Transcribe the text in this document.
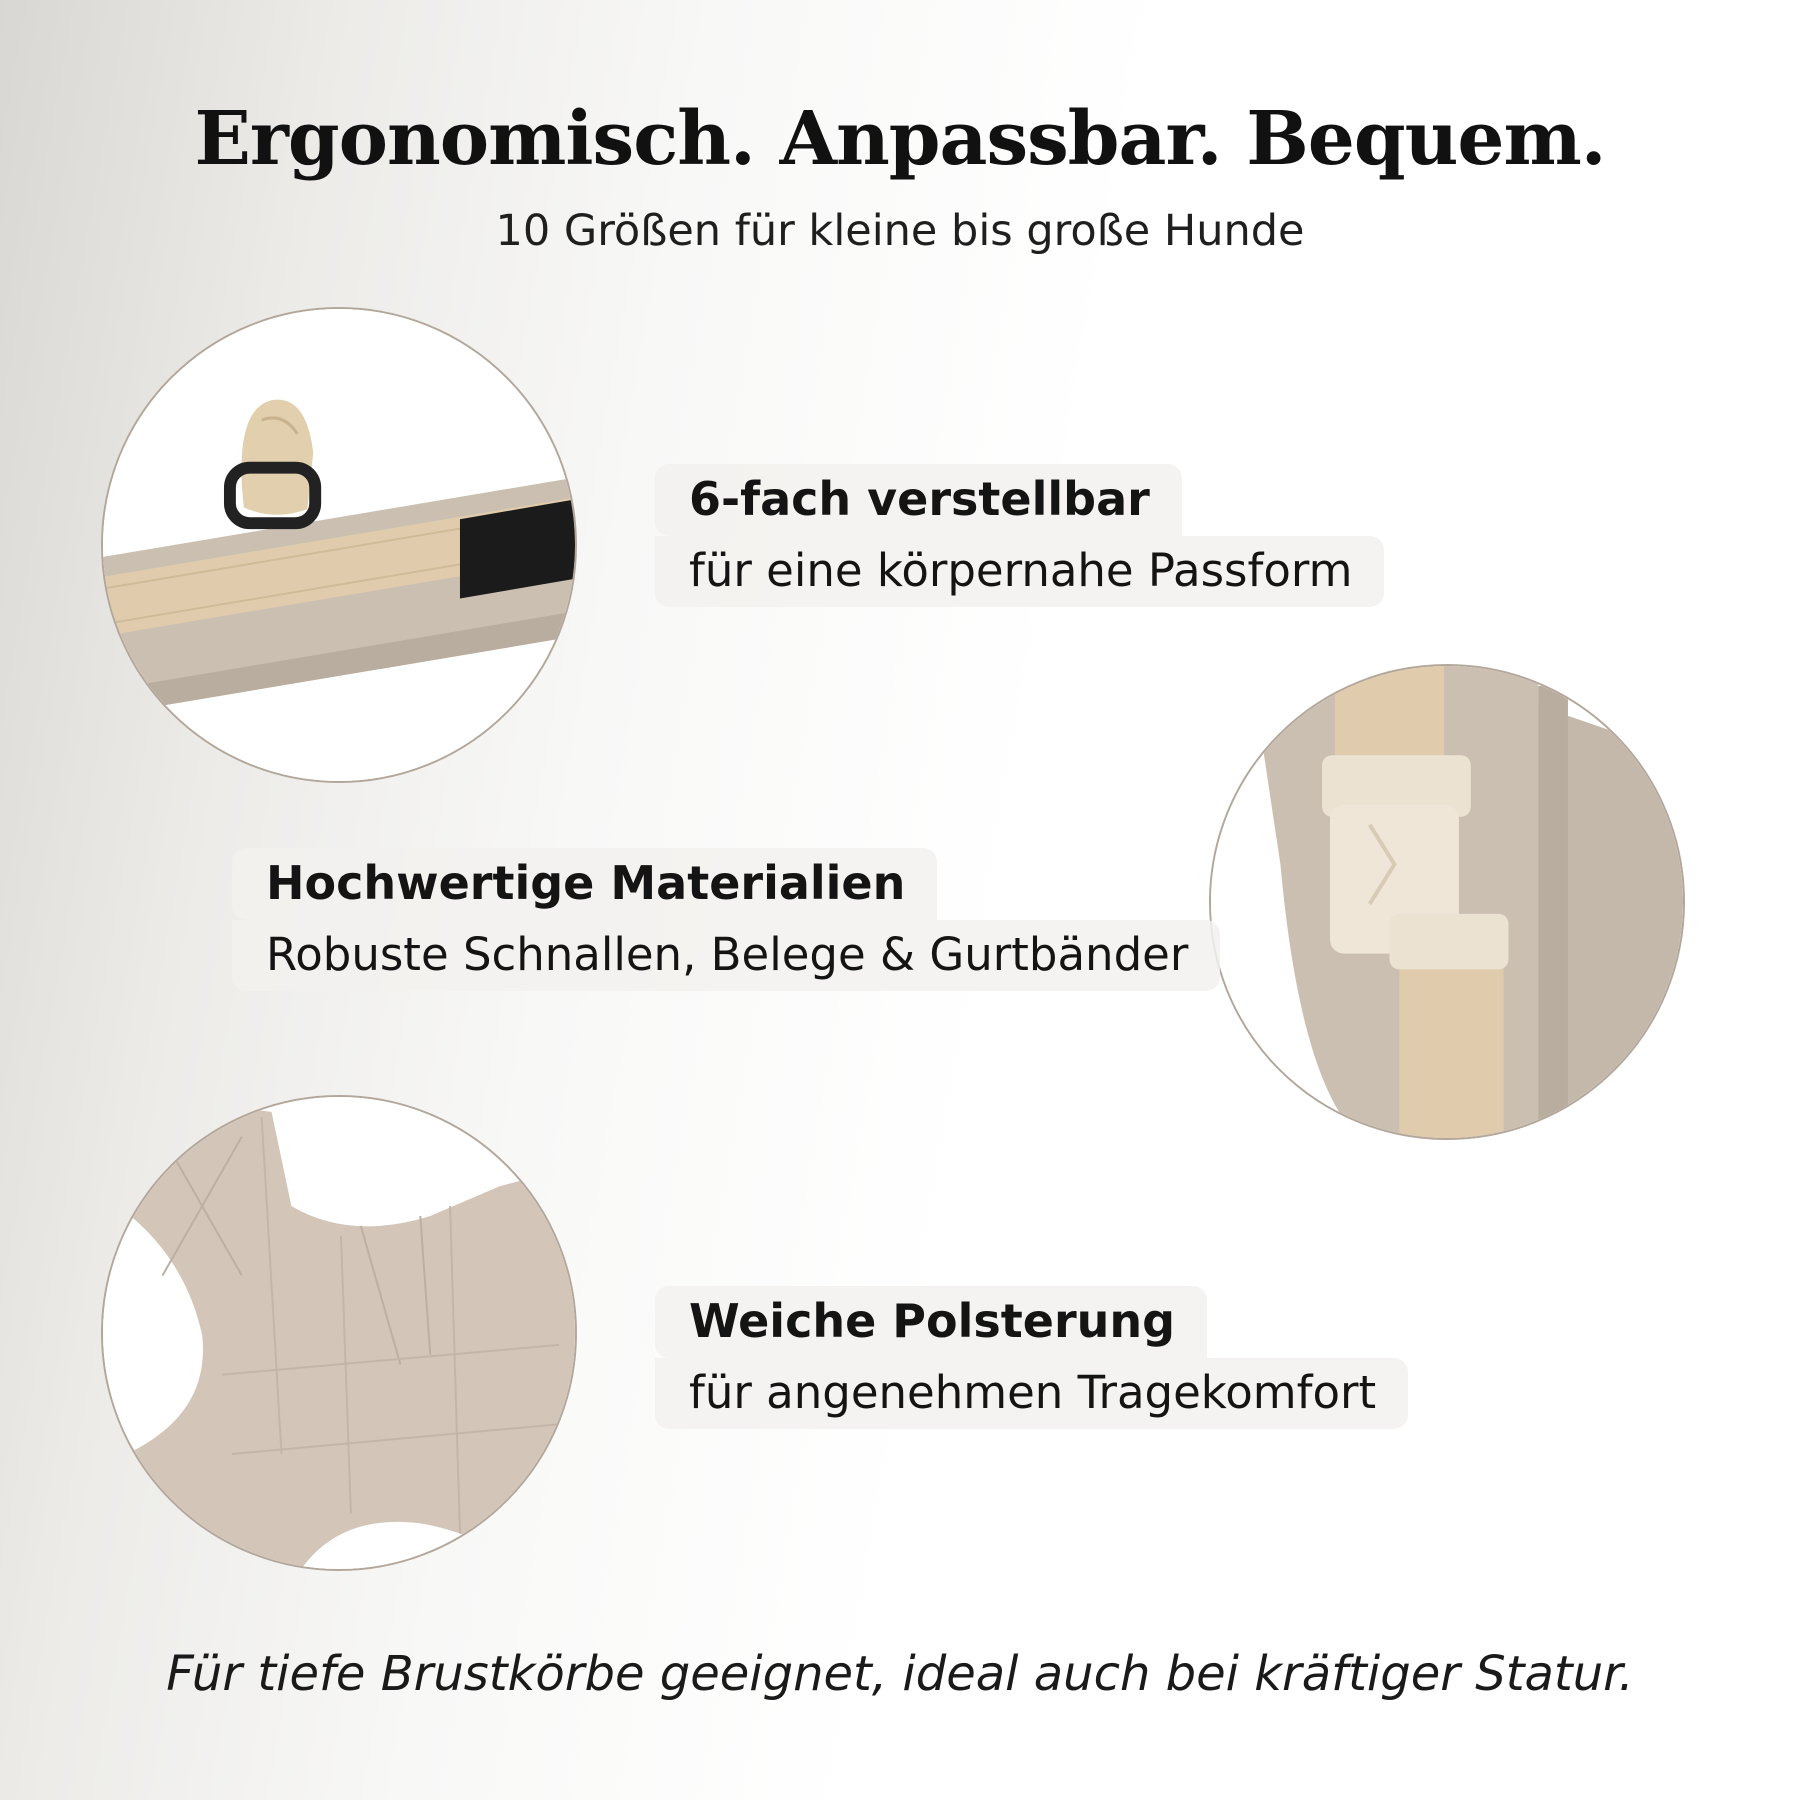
Ergonomisch. Anpassbar. Bequem.
10 Größen für kleine bis große Hunde
6-fach verstellbar
für eine körpernahe Passform
Hochwertige Materialien
Robuste Schnallen, Belege & Gurtbänder
Weiche Polsterung
für angenehmen Tragekomfort
Für tiefe Brustkörbe geeignet, ideal auch bei kräftiger Statur.
